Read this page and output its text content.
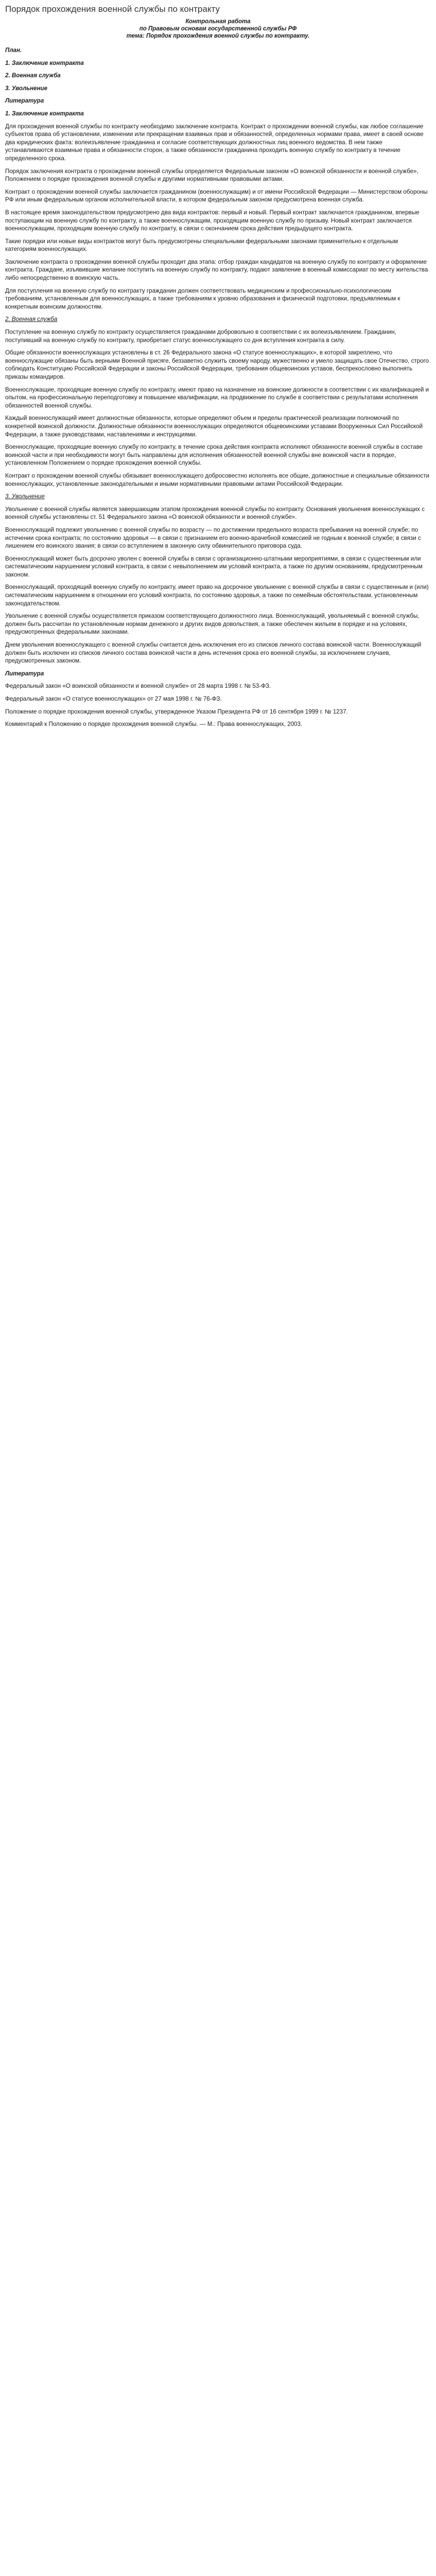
Порядок прохождения военной службы по контракту

Контрольная работа

по Правовым основам государственной службы РФ

тема: Порядок прохождения военной службы по контракту.

План.

1. Заключение контракта

2. Военная служба

3. Увольнение

Литература

1. Заключение контракта

Для прохождения военной службы по контракту необходимо заключение контракта. Контракт о прохождении военной службы, как любое соглашение субъектов права об установлении, изменении или прекращении взаимных прав и обязанностей, определенных нормами права, имеет в своей основе два юридических факта: волеизъявление гражданина и согласие соответствующих должностных лиц военного ведомства. В нем также устанавливаются взаимные права и обязанности сторон, а также обязанности гражданина проходить военную службу по контракту в течение определенного срока.

Порядок заключения контракта о прохождении военной службы определяется Федеральным законом «О воинской обязанности и военной службе», Положением о порядке прохождения военной службы и другими нормативными правовыми актами.

Контракт о прохождении военной службы заключается гражданином (военнослужащим) и от имени Российской Федерации — Министерством обороны РФ или иным федеральным органом исполнительной власти, в котором федеральным законом предусмотрена военная служба.

В настоящее время законодательством предусмотрено два вида контрактов: первый и новый. Первый контракт заключается гражданином, впервые поступающим на военную службу по контракту, а также военнослужащим, проходящим военную службу по призыву. Новый контракт заключается военнослужащим, проходящим военную службу по контракту, в связи с окончанием срока действия предыдущего контракта.

Такие порядки или новые виды контрактов могут быть предусмотрены специальными федеральными законами применительно к отдельным категориям военнослужащих.

Заключение контракта о прохождении военной службы проходит два этапа: отбор граждан кандидатов на военную службу по контракту и оформление контракта. Граждане, изъявившие желание поступить на военную службу по контракту, подают заявление в военный комиссариат по месту жительства либо непосредственно в воинскую часть.

Для поступления на военную службу по контракту гражданин должен соответствовать медицинским и профессионально-психологическим требованиям, установленным для военнослужащих, а также требованиям к уровню образования и физической подготовки, предъявляемым к конкретным воинским должностям.

2. Военная служба

Поступление на военную службу по контракту осуществляется гражданами добровольно в соответствии с их волеизъявлением. Гражданин, поступивший на военную службу по контракту, приобретает статус военнослужащего со дня вступления контракта в силу.

Общие обязанности военнослужащих установлены в ст. 26 Федерального закона «О статусе военнослужащих», в которой закреплено, что военнослужащие обязаны быть верными Военной присяге, беззаветно служить своему народу, мужественно и умело защищать свое Отечество, строго соблюдать Конституцию Российской Федерации и законы Российской Федерации, требования общевоинских уставов, беспрекословно выполнять приказы командиров.

Военнослужащие, проходящие военную службу по контракту, имеют право на назначение на воинские должности в соответствии с их квалификацией и опытом, на профессиональную переподготовку и повышение квалификации, на продвижение по службе в соответствии с результатами исполнения обязанностей военной службы.

Каждый военнослужащий имеет должностные обязанности, которые определяют объем и пределы практической реализации полномочий по конкретной воинской должности. Должностные обязанности военнослужащих определяются общевоинскими уставами Вооруженных Сил Российской Федерации, а также руководствами, наставлениями и инструкциями.

Военнослужащие, проходящие военную службу по контракту, в течение срока действия контракта исполняют обязанности военной службы в составе воинской части и при необходимости могут быть направлены для исполнения обязанностей военной службы вне воинской части в порядке, установленном Положением о порядке прохождения военной службы.

Контракт о прохождении военной службы обязывает военнослужащего добросовестно исполнять все общие, должностные и специальные обязанности военнослужащих, установленные законодательными и иными нормативными правовыми актами Российской Федерации.

3. Увольнение

Увольнение с военной службы является завершающим этапом прохождения военной службы по контракту. Основания увольнения военнослужащих с военной службы установлены ст. 51 Федерального закона «О воинской обязанности и военной службе».

Военнослужащий подлежит увольнению с военной службы по возрасту — по достижении предельного возраста пребывания на военной службе; по истечении срока контракта; по состоянию здоровья — в связи с признанием его военно-врачебной комиссией не годным к военной службе; в связи с лишением его воинского звания; в связи со вступлением в законную силу обвинительного приговора суда.

Военнослужащий может быть досрочно уволен с военной службы в связи с организационно-штатными мероприятиями, в связи с существенным или систематическим нарушением условий контракта, в связи с невыполнением им условий контракта, а также по другим основаниям, предусмотренным законом.

Военнослужащий, проходящий военную службу по контракту, имеет право на досрочное увольнение с военной службы в связи с существенным и (или) систематическим нарушением в отношении его условий контракта, по состоянию здоровья, а также по семейным обстоятельствам, установленным законодательством.

Увольнение с военной службы осуществляется приказом соответствующего должностного лица. Военнослужащий, увольняемый с военной службы, должен быть рассчитан по установленным нормам денежного и других видов довольствия, а также обеспечен жильем в порядке и на условиях, предусмотренных федеральными законами.

Днем увольнения военнослужащего с военной службы считается день исключения его из списков личного состава воинской части. Военнослужащий должен быть исключен из списков личного состава воинской части в день истечения срока его военной службы, за исключением случаев, предусмотренных законом.

Литература

Федеральный закон «О воинской обязанности и военной службе» от 28 марта 1998 г. № 53-ФЗ.

Федеральный закон «О статусе военнослужащих» от 27 мая 1998 г. № 76-ФЗ.

Положение о порядке прохождения военной службы, утвержденное Указом Президента РФ от 16 сентября 1999 г. № 1237.

Комментарий к Положению о порядке прохождения военной службы. — М.: Права военнослужащих, 2003.
